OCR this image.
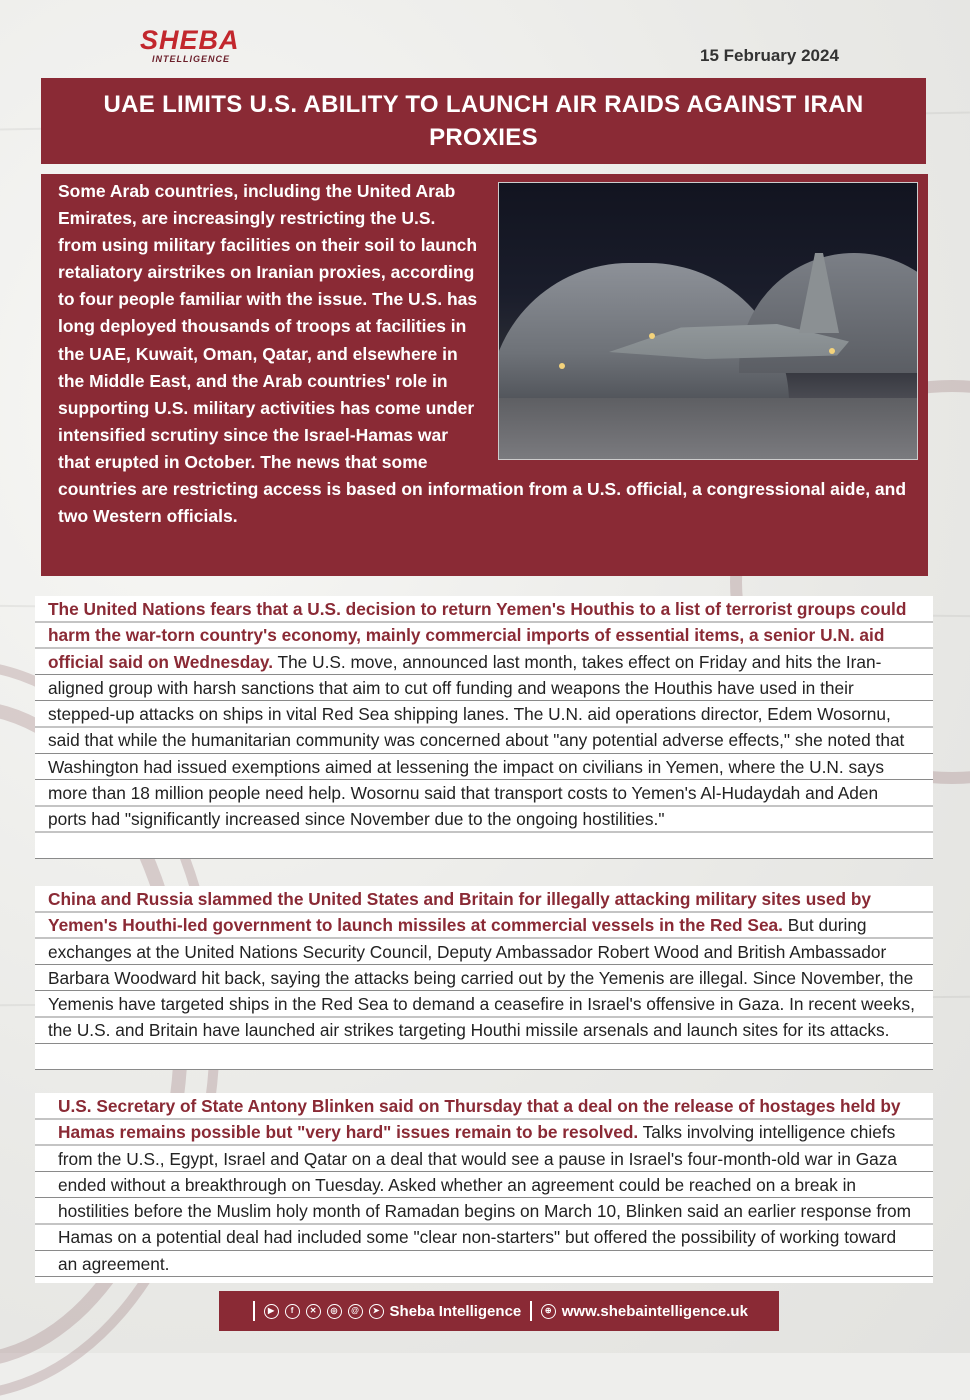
SHEBA
INTELLIGENCE	15 February 2024
UAE LIMITS U.S. ABILITY TO LAUNCH AIR RAIDS AGAINST IRAN PROXIES
Some Arab countries, including the United Arab Emirates, are increasingly restricting the U.S. from using military facilities on their soil to launch retaliatory airstrikes on Iranian proxies, according to four people familiar with the issue. The U.S. has long deployed thousands of troops at facilities in the UAE, Kuwait, Oman, Qatar, and elsewhere in the Middle East, and the Arab countries' role in supporting U.S. military activities has come under intensified scrutiny since the Israel-Hamas war that erupted in October. The news that some countries are restricting access is based on information from a U.S. official, a congressional aide, and two Western officials.
The United Nations fears that a U.S. decision to return Yemen's Houthis to a list of terrorist groups could harm the war-torn country's economy, mainly commercial imports of essential items, a senior U.N. aid official said on Wednesday. The U.S. move, announced last month, takes effect on Friday and hits the Iran-aligned group with harsh sanctions that aim to cut off funding and weapons the Houthis have used in their stepped-up attacks on ships in vital Red Sea shipping lanes. The U.N. aid operations director, Edem Wosornu, said that while the humanitarian community was concerned about "any potential adverse effects," she noted that Washington had issued exemptions aimed at lessening the impact on civilians in Yemen, where the U.N. says more than 18 million people need help. Wosornu said that transport costs to Yemen's Al-Hudaydah and Aden ports had "significantly increased since November due to the ongoing hostilities."
China and Russia slammed the United States and Britain for illegally attacking military sites used by Yemen's Houthi-led government to launch missiles at commercial vessels in the Red Sea. But during exchanges at the United Nations Security Council, Deputy Ambassador Robert Wood and British Ambassador Barbara Woodward hit back, saying the attacks being carried out by the Yemenis are illegal. Since November, the Yemenis have targeted ships in the Red Sea to demand a ceasefire in Israel's offensive in Gaza. In recent weeks, the U.S. and Britain have launched air strikes targeting Houthi missile arsenals and launch sites for its attacks.
U.S. Secretary of State Antony Blinken said on Thursday that a deal on the release of hostages held by Hamas remains possible but "very hard" issues remain to be resolved. Talks involving intelligence chiefs from the U.S., Egypt, Israel and Qatar on a deal that would see a pause in Israel's four-month-old war in Gaza ended without a breakthrough on Tuesday. Asked whether an agreement could be reached on a break in hostilities before the Muslim holy month of Ramadan begins on March 10, Blinken said an earlier response from Hamas on a potential deal had included some "clear non-starters" but offered the possibility of working toward an agreement.
▶	f	✕	◎	@	➤ Sheba Intelligence	⊕ www.shebaintelligence.uk
